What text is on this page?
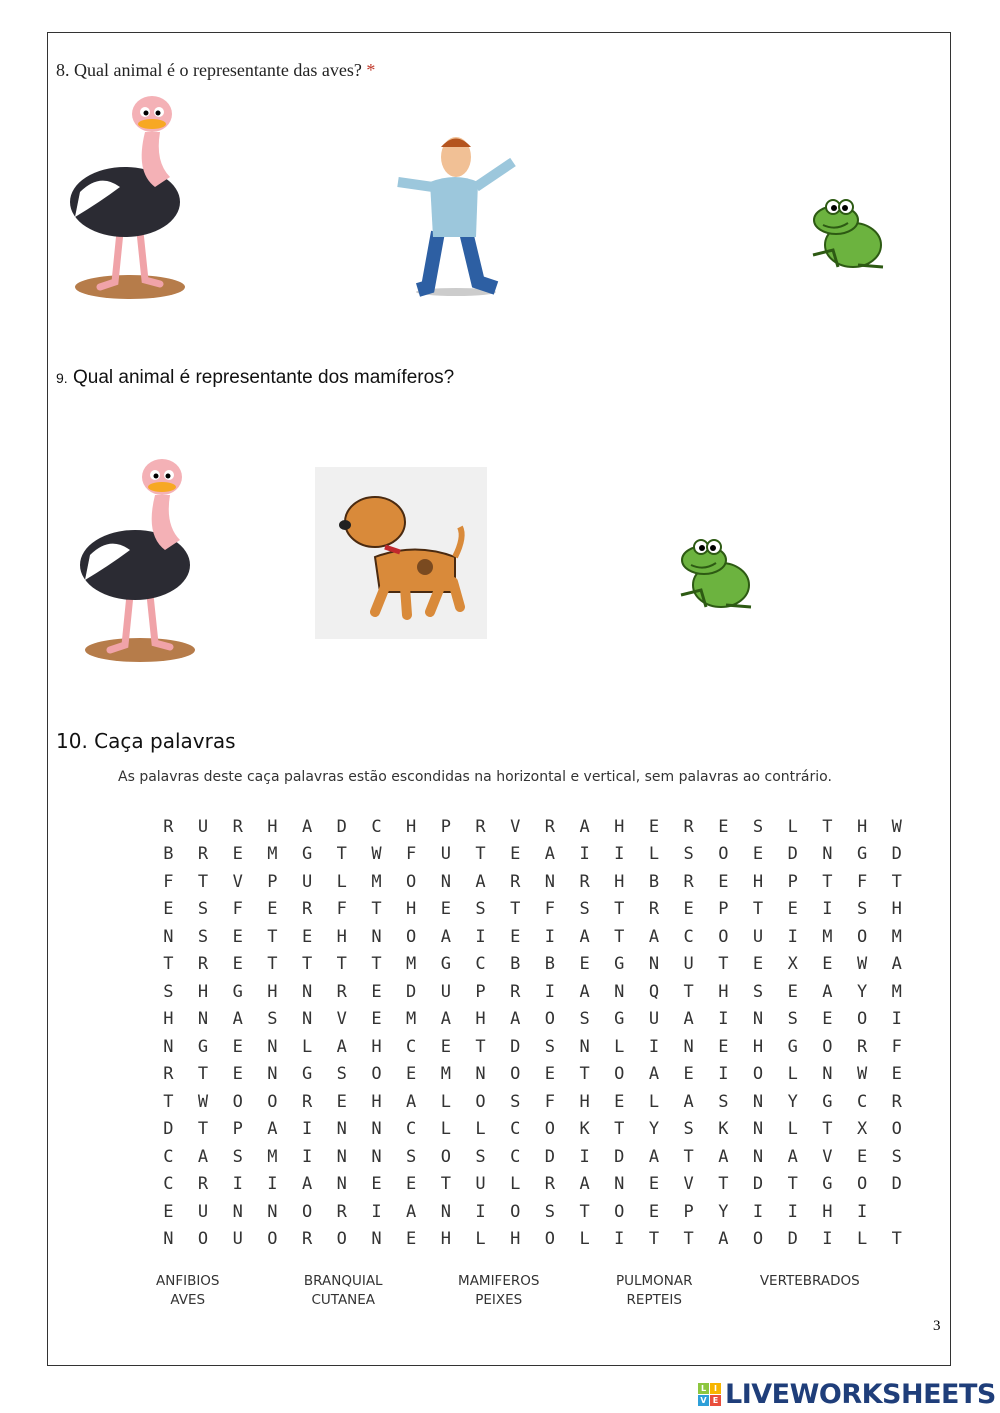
8. Qual animal é o representante das aves? *
9. Qual animal é representante dos mamíferos?
10. Caça palavras
As palavras deste caça palavras estão escondidas na horizontal e vertical, sem palavras ao contrário.
R	U	R	H	A	D	C	H	P	R	V	R	A	H	E	R	E	S	L	T	H	W
B	R	E	M	G	T	W	F	U	T	E	A	I	I	L	S	O	E	D	N	G	D
F	T	V	P	U	L	M	O	N	A	R	N	R	H	B	R	E	H	P	T	F	T
E	S	F	E	R	F	T	H	E	S	T	F	S	T	R	E	P	T	E	I	S	H
N	S	E	T	E	H	N	O	A	I	E	I	A	T	A	C	O	U	I	M	O	M
T	R	E	T	T	T	T	M	G	C	B	B	E	G	N	U	T	E	X	E	W	A
S	H	G	H	N	R	E	D	U	P	R	I	A	N	Q	T	H	S	E	A	Y	M
H	N	A	S	N	V	E	M	A	H	A	O	S	G	U	A	I	N	S	E	O	I
N	G	E	N	L	A	H	C	E	T	D	S	N	L	I	N	E	H	G	O	R	F
R	T	E	N	G	S	O	E	M	N	O	E	T	O	A	E	I	O	L	N	W	E
T	W	O	O	R	E	H	A	L	O	S	F	H	E	L	A	S	N	Y	G	C	R
D	T	P	A	I	N	N	C	L	L	C	O	K	T	Y	S	K	N	L	T	X	O
C	A	S	M	I	N	N	S	O	S	C	D	I	D	A	T	A	N	A	V	E	S
C	R	I	I	A	N	E	E	T	U	L	R	A	N	E	V	T	D	T	G	O	D
E	U	N	N	O	R	I	A	N	I	O	S	T	O	E	P	Y	I	I	H	I
N	O	U	O	R	O	N	E	H	L	H	O	L	I	T	T	A	O	D	I	L	T
ANFIBIOS
AVES
BRANQUIAL
CUTANEA
MAMIFEROS
PEIXES
PULMONAR
REPTEIS
VERTEBRADOS
3
L I
V E LIVEWORKSHEETS
